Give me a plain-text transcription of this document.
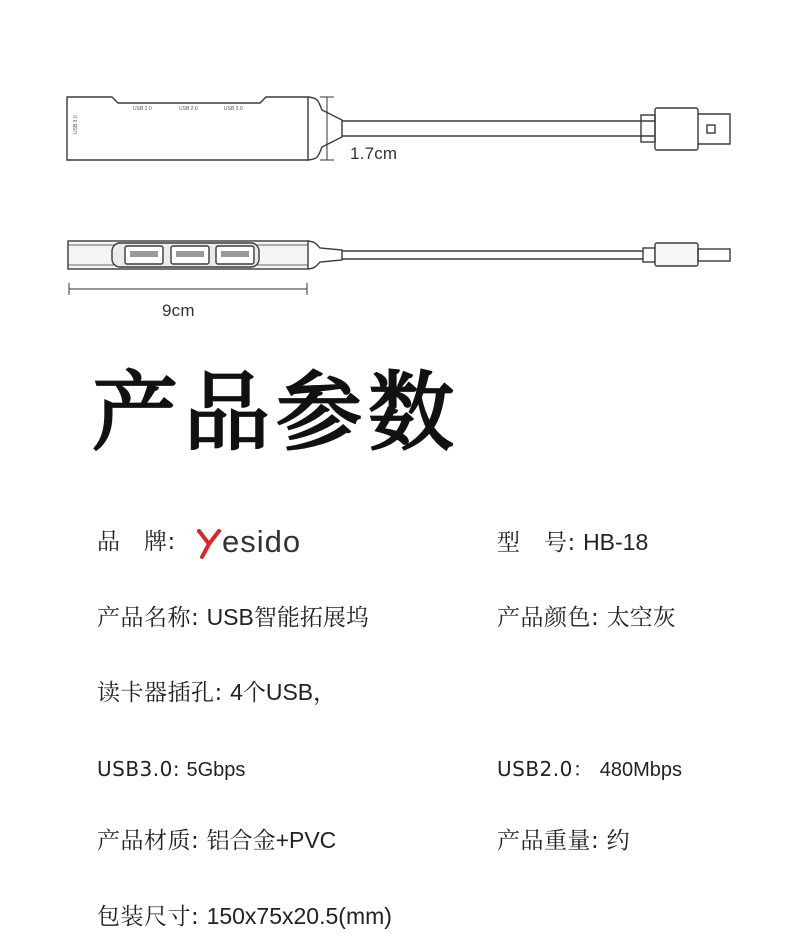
USB 2.0	USB 2.0	USB 2.0
USB 3.0
1.7cm
9cm
产品参数
品　牌: esido	型　号: HB-18
产品名称: USB智能拓展坞	产品颜色: 太空灰
读卡器插孔: 4个USB，
USB3.0: 5Gbps	USB2.0： 480Mbps
产品材质: 铝合金+PVC	产品重量: 约
包装尺寸: 150x75x20.5(mm)
